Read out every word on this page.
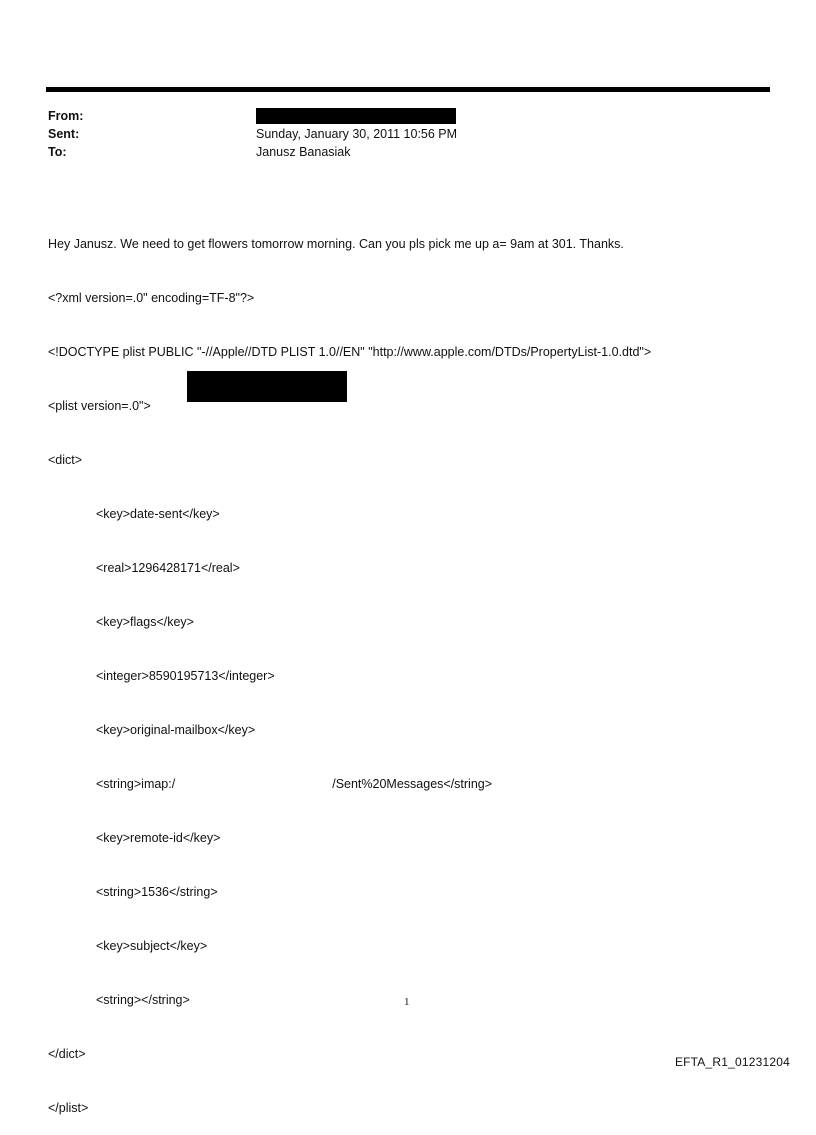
From:
Sent:	Sunday, January 30, 2011 10:56 PM
To:	Janusz Banasiak

Hey Janusz. We need to get flowers tomorrow morning. Can you pls pick me up a= 9am at 301. Thanks.

<?xml version=.0" encoding=TF-8"?>

<!DOCTYPE plist PUBLIC "-//Apple//DTD PLIST 1.0//EN" "http://www.apple.com/DTDs/PropertyList-1.0.dtd">

<plist version=.0">

<dict>

<key>date-sent</key>

<real>1296428171</real>

<key>flags</key>

<integer>8590195713</integer>

<key>original-mailbox</key>

<string>imap:/	/Sent%20Messages</string>

<key>remote-id</key>

<string>1536</string>

<key>subject</key>

<string></string>

</dict>

</plist>

1
EFTA_R1_01231204
